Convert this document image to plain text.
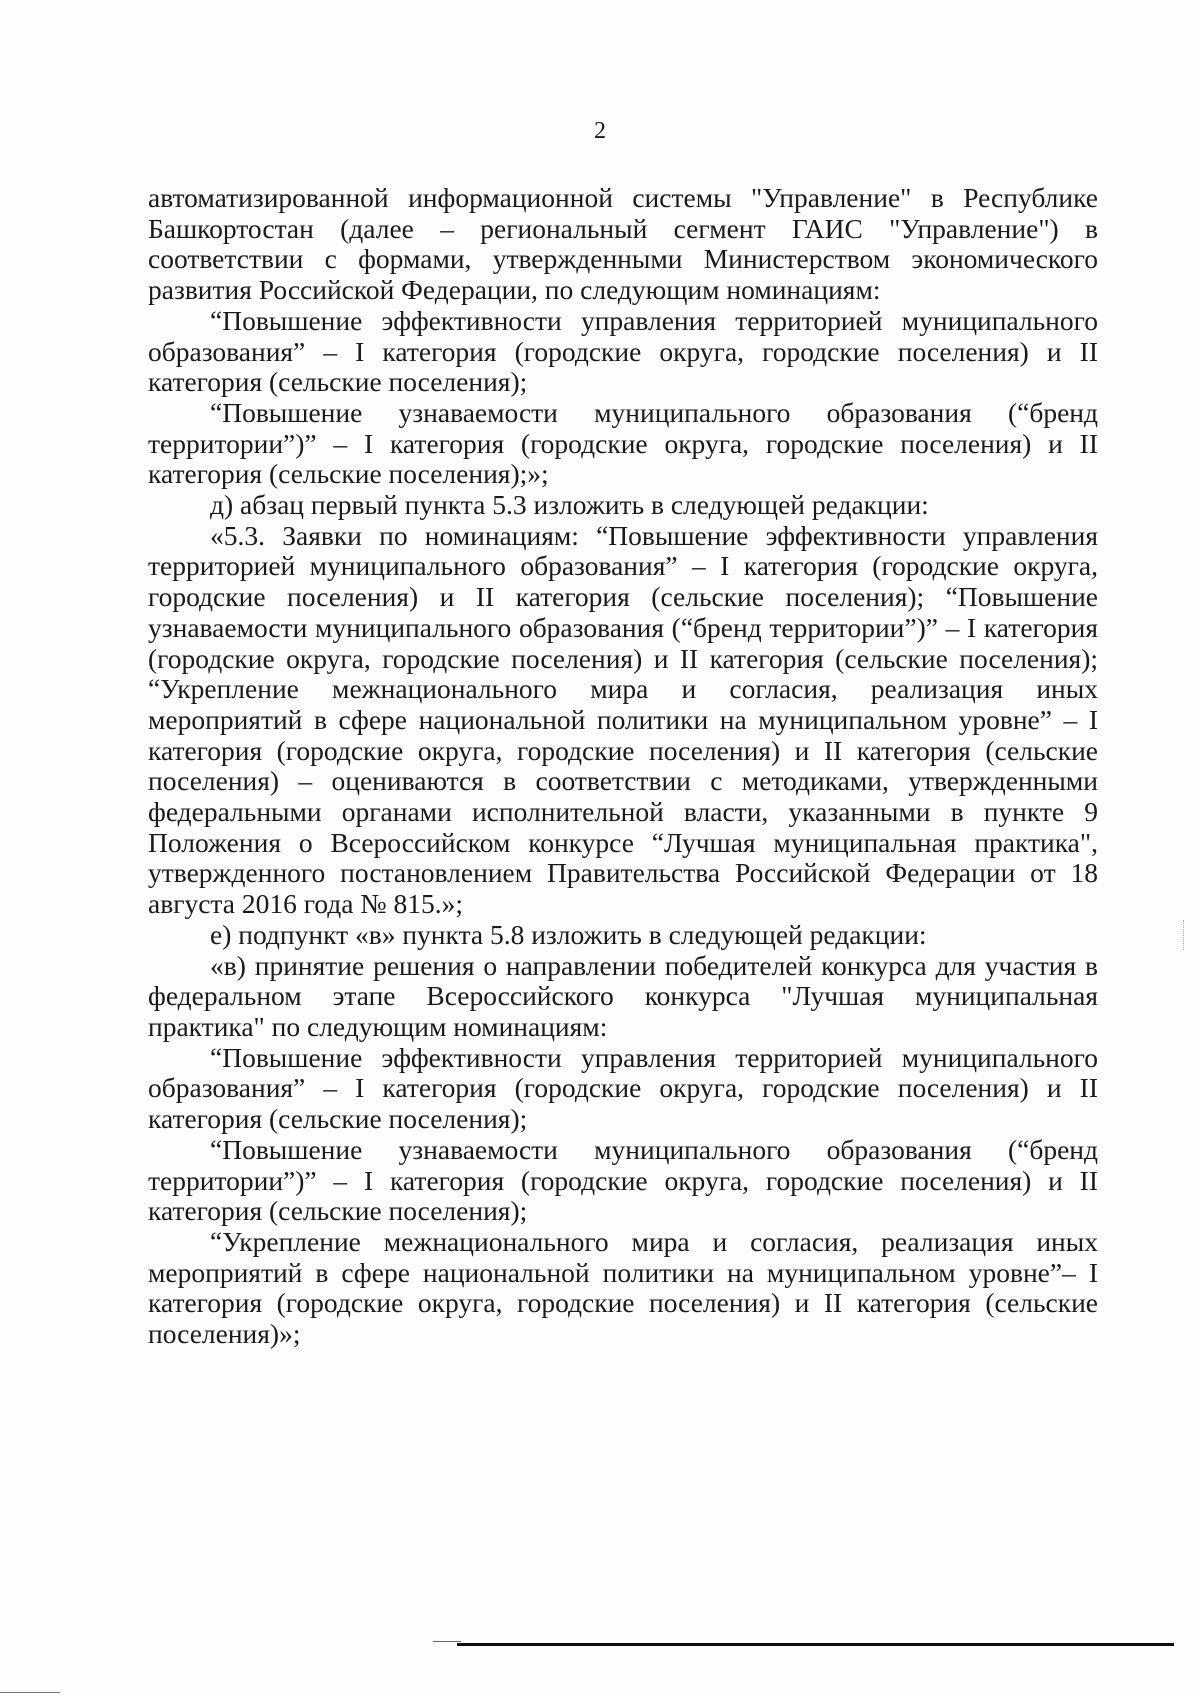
2

автоматизированной информационной системы "Управление" в Республике Башкортостан (далее – региональный сегмент ГАИС "Управление") в соответствии с формами, утвержденными Министерством экономического развития Российской Федерации, по следующим номинациям:

“Повышение эффективности управления территорией муниципального образования” – I категория (городские округа, городские поселения) и II категория (сельские поселения);

“Повышение узнаваемости муниципального образования (“бренд территории”)” – I категория (городские округа, городские поселения) и II категория (сельские поселения);»;

д) абзац первый пункта 5.3 изложить в следующей редакции:

«5.3. Заявки по номинациям: “Повышение эффективности управления территорией муниципального образования” – I категория (городские округа, городские поселения) и II категория (сельские поселения); “Повышение узнаваемости муниципального образования (“бренд территории”)” – I категория (городские округа, городские поселения) и II категория (сельские поселения); “Укрепление межнационального мира и согласия, реализация иных мероприятий в сфере национальной политики на муниципальном уровне” – I категория (городские округа, городские поселения) и II категория (сельские поселения) – оцениваются в соответствии с методиками, утвержденными федеральными органами исполнительной власти, указанными в пункте 9 Положения о Всероссийском конкурсе “Лучшая муниципальная практика", утвержденного постановлением Правительства Российской Федерации от 18 августа 2016 года № 815.»;

е) подпункт «в» пункта 5.8 изложить в следующей редакции:

«в) принятие решения о направлении победителей конкурса для участия в федеральном этапе Всероссийского конкурса "Лучшая муниципальная практика" по следующим номинациям:

“Повышение эффективности управления территорией муниципального образования” – I категория (городские округа, городские поселения) и II категория (сельские поселения);

“Повышение узнаваемости муниципального образования (“бренд территории”)” – I категория (городские округа, городские поселения) и II категория (сельские поселения);

“Укрепление межнационального мира и согласия, реализация иных мероприятий в сфере национальной политики на муниципальном уровне”– I категория (городские округа, городские поселения) и II категория (сельские поселения)»;
